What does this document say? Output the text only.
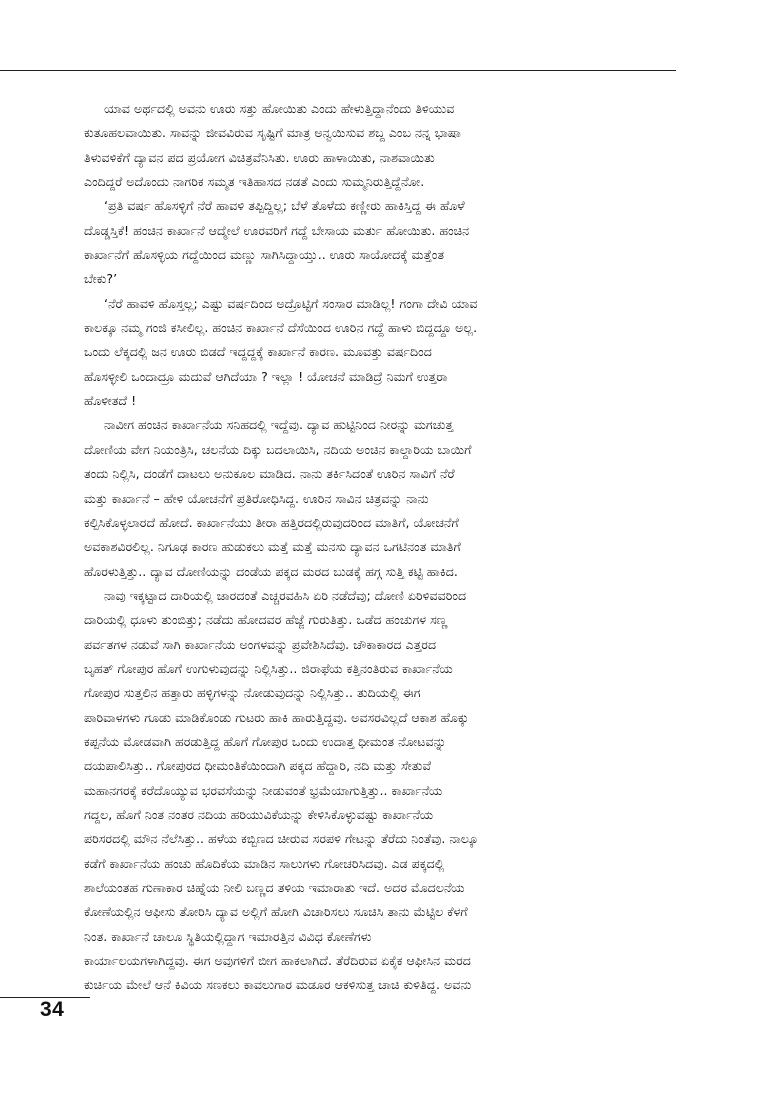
ಯಾವ ಅರ್ಥದಲ್ಲಿ ಅವನು ಊರು ಸತ್ತು ಹೋಯಿತು ಎಂದು ಹೇಳುತ್ತಿದ್ದಾನೆಂದು ತಿಳಿಯುವ
ಕುತೂಹಲವಾಯಿತು. ಸಾವನ್ನು ಜೀವವಿರುವ ಸೃಷ್ಟಿಗೆ ಮಾತ್ರ ಅನ್ವಯಿಸುವ ಶಬ್ದ ಎಂಬ ನನ್ನ ಭಾಷಾ
ತಿಳುವಳಿಕೆಗೆ ದ್ಯಾವನ ಪದ ಪ್ರಯೋಗ ವಿಚಿತ್ರವೆನಿಸಿತು. ಊರು ಹಾಳಾಯಿತು, ನಾಶವಾಯಿತು
ಎಂದಿದ್ದರೆ ಅದೊಂದು ನಾಗರಿಕ ಸಮ್ಮತ ಇತಿಹಾಸದ ನಡತೆ ಎಂದು ಸುಮ್ಮನಿರುತ್ತಿದ್ದೆನೋ.

‘ಪ್ರತಿ ವರ್ಷ ಹೊಸಳ್ಳಿಗೆ ನೆರೆ ಹಾವಳಿ ತಪ್ಪಿದ್ದಿಲ್ಲ; ಬೆಳೆ ತೊಳೆದು ಕಣ್ಣೀರು ಹಾಕಿಸ್ತಿದ್ದ ಈ ಹೊಳೆ
ದೊಡ್ಡಸ್ತಿಕೆ! ಹಂಚಿನ ಕಾರ್ಖಾನೆ ಆದ್ಮೇಲೆ ಊರವರಿಗೆ ಗದ್ದೆ ಬೇಸಾಯ ಮರ್ತು ಹೋಯಿತು. ಹಂಚಿನ
ಕಾರ್ಖಾನೆಗೆ ಹೊಸಳ್ಳಿಯ ಗದ್ದೆಯಿಂದ ಮಣ್ಣು ಸಾಗಿಸಿದ್ದಾಯ್ತು.. ಊರು ಸಾಯೋದಕ್ಕೆ ಮತ್ತೆಂತ
ಬೇಕು?’

‘ನೆರೆ ಹಾವಳಿ ಹೊಸ್ತಲ್ಲ; ಎಷ್ಟು ವರ್ಷದಿಂದ ಅದ್ರೊಟ್ಟಿಗೆ ಸಂಸಾರ ಮಾಡಿಲ್ಲ! ಗಂಗಾ ದೇವಿ ಯಾವ
ಕಾಲಕ್ಕೂ ನಮ್ಮ ಗಂಜಿ ಕಸೀಲಿಲ್ಲ. ಹಂಚಿನ ಕಾರ್ಖಾನೆ ದೆಸೆಯಿಂದ ಊರಿನ ಗದ್ದೆ ಹಾಳು ಬಿದ್ದದ್ದೂ ಅಲ್ಲ.
ಒಂದು ಲೆಕ್ಕದಲ್ಲಿ ಜನ ಊರು ಬಿಡದೆ ಇದ್ದದ್ದಕ್ಕೆ ಕಾರ್ಖಾನೆ ಕಾರಣ. ಮೂವತ್ತು ವರ್ಷದಿಂದ
ಹೊಸಳ್ಳೀಲಿ ಒಂದಾದ್ರೂ ಮದುವೆ ಆಗಿದೆಯಾ ? ಇಲ್ಲಾ ! ಯೋಚನೆ ಮಾಡಿದ್ರೆ ನಿಮಗೆ ಉತ್ತರಾ
ಹೊಳೀತದೆ !

ನಾವೀಗ ಹಂಚಿನ ಕಾರ್ಖಾನೆಯ ಸನಿಹದಲ್ಲಿ ಇದ್ದೆವು. ದ್ಯಾವ ಹುಟ್ಟಿನಿಂದ ನೀರನ್ನು ಮಗಚುತ್ತ
ದೋಣಿಯ ವೇಗ ನಿಯಂತ್ರಿಸಿ, ಚಲನೆಯ ದಿಕ್ಕು ಬದಲಾಯಿಸಿ, ನದಿಯ ಅಂಚಿನ ಕಾಲ್ದಾರಿಯ ಬಾಯಿಗೆ
ತಂದು ನಿಲ್ಲಿಸಿ, ದಂಡೆಗೆ ದಾಟಲು ಅನುಕೂಲ ಮಾಡಿದ. ನಾನು ತರ್ಕಿಸಿದಂತೆ ಊರಿನ ಸಾವಿಗೆ ನೆರೆ
ಮತ್ತು ಕಾರ್ಖಾನೆ – ಹೇಳಿ ಯೋಚನೆಗೆ ಪ್ರತಿರೋಧಿಸಿದ್ದ. ಊರಿನ ಸಾವಿನ ಚಿತ್ರವನ್ನು ನಾನು
ಕಲ್ಪಿಸಿಕೊಳ್ಳಲಾರದೆ ಹೋದೆ. ಕಾರ್ಖಾನೆಯು ತೀರಾ ಹತ್ತಿರದಲ್ಲಿರುವುದರಿಂದ ಮಾತಿಗೆ, ಯೋಚನೆಗೆ
ಅವಕಾಶವಿರಲಿಲ್ಲ. ನಿಗೂಢ ಕಾರಣ ಹುಡುಕಲು ಮತ್ತೆ ಮತ್ತೆ ಮನಸು ದ್ಯಾವನ ಒಗಟಿನಂತ ಮಾತಿಗೆ
ಹೊರಳುತ್ತಿತ್ತು.. ದ್ಯಾವ ದೋಣಿಯನ್ನು ದಂಡೆಯ ಪಕ್ಕದ ಮರದ ಬುಡಕ್ಕೆ ಹಗ್ಗ ಸುತ್ತಿ ಕಟ್ಟಿ ಹಾಕಿದ.

ನಾವು ಇಕ್ಕಟ್ಟಾದ ದಾರಿಯಲ್ಲಿ ಜಾರದಂತೆ ಎಚ್ಚರವಹಿಸಿ ಏರಿ ನಡೆದೆವು; ದೋಣಿ ಏರಿಳಿವವರಿಂದ
ದಾರಿಯಲ್ಲಿ ಧೂಳು ತುಂಬಿತ್ತು; ನಡೆದು ಹೋದವರ ಹೆಜ್ಜೆ ಗುರುತಿತ್ತು. ಒಡೆದ ಹಂಚುಗಳ ಸಣ್ಣ
ಪರ್ವತಗಳ ನಡುವೆ ಸಾಗಿ ಕಾರ್ಖಾನೆಯ ಅಂಗಳವನ್ನು ಪ್ರವೇಶಿಸಿದೆವು. ಚೌಕಾಕಾರದ ಎತ್ತರದ
ಬೃಹತ್ ಗೋಪುರ ಹೊಗೆ ಉಗುಳುವುದನ್ನು ನಿಲ್ಲಿಸಿತ್ತು.. ಜಿರಾಫೆಯ ಕತ್ತಿನಂತಿರುವ ಕಾರ್ಖಾನೆಯ
ಗೋಪುರ ಸುತ್ತಲಿನ ಹತ್ತಾರು ಹಳ್ಳಿಗಳನ್ನು ನೋಡುವುದನ್ನು ನಿಲ್ಲಿಸಿತ್ತು.. ತುದಿಯಲ್ಲಿ ಈಗ
ಪಾರಿವಾಳಗಳು ಗೂಡು ಮಾಡಿಕೊಂಡು ಗುಟರು ಹಾಕಿ ಹಾರುತ್ತಿದ್ದವು. ಅವಸರವಿಲ್ಲದೆ ಆಕಾಶ ಹೊಕ್ಕು
ಕಪ್ಪನೆಯ ಮೋಡವಾಗಿ ಹರಡುತ್ತಿದ್ದ ಹೊಗೆ ಗೋಪುರ ಒಂದು ಉದಾತ್ತ ಧೀಮಂತ ನೋಟವನ್ನು
ದಯಪಾಲಿಸಿತ್ತು.. ಗೋಪುರದ ಧೀಮಂತಿಕೆಯಿಂದಾಗಿ ಪಕ್ಕದ ಹೆದ್ದಾರಿ, ನದಿ ಮತ್ತು ಸೇತುವೆ
ಮಹಾನಗರಕ್ಕೆ ಕರೆದೊಯ್ಯುವ ಭರವಸೆಯನ್ನು ನೀಡುವಂತೆ ಭ್ರಮೆಯಾಗುತ್ತಿತ್ತು.. ಕಾರ್ಖಾನೆಯ
ಗದ್ದಲ, ಹೊಗೆ ನಿಂತ ನಂತರ ನದಿಯ ಹರಿಯುವಿಕೆಯನ್ನು ಕೇಳಿಸಿಕೊಳ್ಳುವಷ್ಟು ಕಾರ್ಖಾನೆಯ
ಪರಿಸರದಲ್ಲಿ ಮೌನ ನೆಲೆಸಿತ್ತು.. ಹಳೆಯ ಕಬ್ಬಿಣದ ಚೀರುವ ಸರಪಳಿ ಗೇಟನ್ನು ತೆರೆದು ನಿಂತೆವು. ನಾಲ್ಕೂ
ಕಡೆಗೆ ಕಾರ್ಖಾನೆಯ ಹಂಚು ಹೊದಿಕೆಯ ಮಾಡಿನ ಸಾಲುಗಳು ಗೋಚರಿಸಿದವು. ಎಡ ಪಕ್ಕದಲ್ಲಿ
ಶಾಲೆಯಂತಹ ಗುಣಾಕಾರ ಚಿಹ್ನೆಯ ನೀಲಿ ಬಣ್ಣದ ತಳಿಯ ಇಮಾರಾತು ಇದೆ. ಅದರ ಮೊದಲನೆಯ
ಕೋಣೆಯಲ್ಲಿನ ಆಫೀಸು ತೋರಿಸಿ ದ್ಯಾವ ಅಲ್ಲಿಗೆ ಹೋಗಿ ವಿಚಾರಿಸಲು ಸೂಚಿಸಿ ತಾನು ಮೆಟ್ಟಿಲ ಕೆಳಗೆ
ನಿಂತ. ಕಾರ್ಖಾನೆ ಚಾಲೂ ಸ್ಥಿತಿಯಲ್ಲಿದ್ದಾಗ ಇಮಾರತ್ತಿನ ವಿವಿಧ ಕೋಣೆಗಳು
ಕಾರ್ಯಾಲಯಗಳಾಗಿದ್ದವು. ಈಗ ಅವುಗಳಿಗೆ ಬೀಗ ಹಾಕಲಾಗಿದೆ. ತೆರೆದಿರುವ ಏಕೈಕ ಆಫೀಸಿನ ಮರದ
ಕುರ್ಚಿಯ ಮೇಲೆ ಆನೆ ಕಿವಿಯ ಸಣಕಲು ಕಾವಲುಗಾರ ಮಡೂರ ಆಕಳಿಸುತ್ತ ಚಾಚಿ ಕುಳಿತಿದ್ದ. ಅವನು

34
